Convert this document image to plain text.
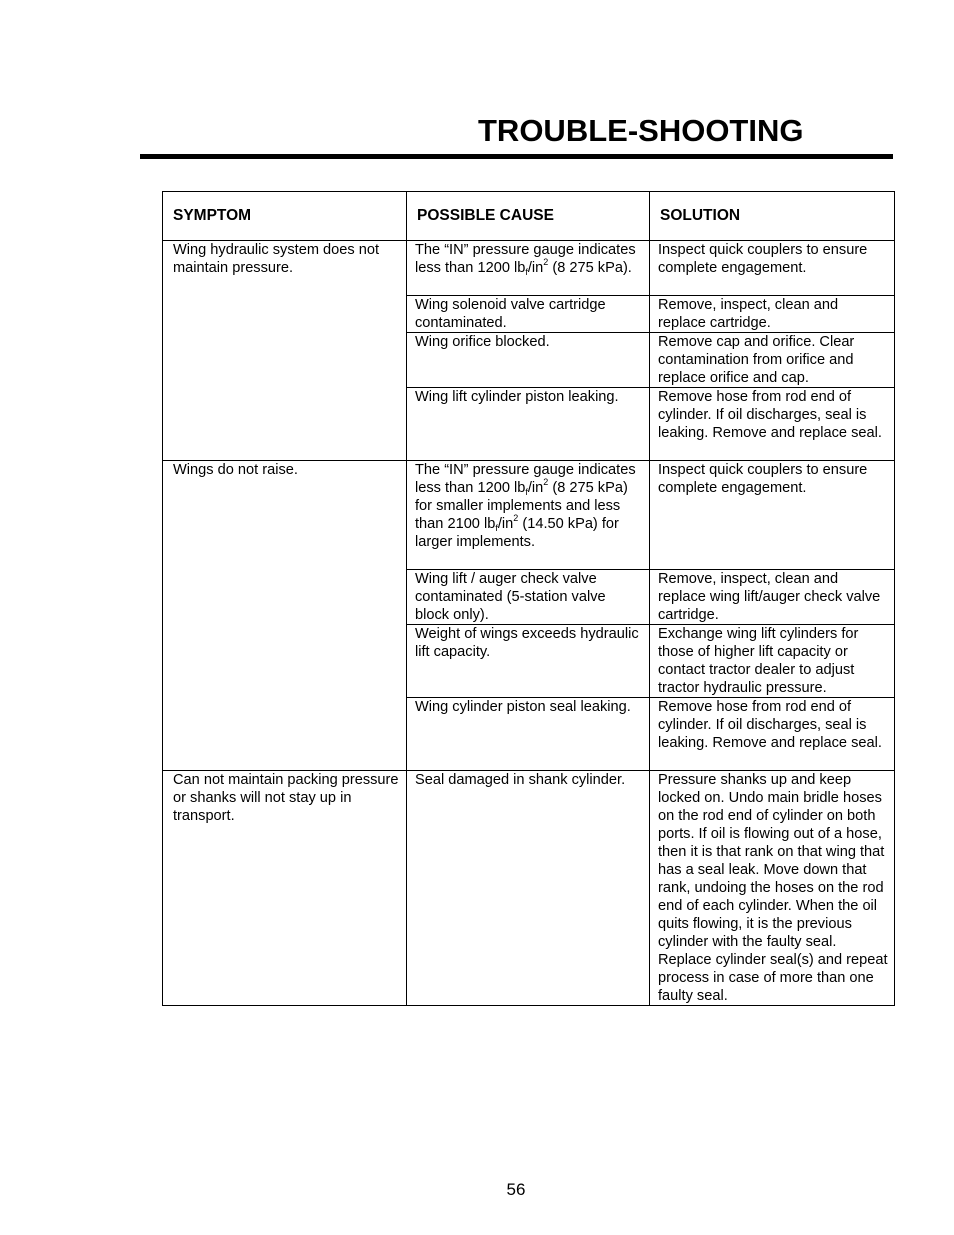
TROUBLE-SHOOTING
SYMPTOM	POSSIBLE CAUSE	SOLUTION
Wing hydraulic system does not maintain pressure.	The “IN” pressure gauge indicates less than 1200 $lb_f/in^2$ (8 275 kPa).	Inspect quick couplers to ensure complete engagement.
	Wing solenoid valve cartridge contaminated.	Remove, inspect, clean and replace cartridge.
	Wing orifice blocked.	Remove cap and orifice. Clear contamination from orifice and replace orifice and cap.
	Wing lift cylinder piston leaking.	Remove hose from rod end of cylinder. If oil discharges, seal is leaking. Remove and replace seal.
Wings do not raise.	The “IN” pressure gauge indicates less than 1200 $lb_f/in^2$ (8 275 kPa) for smaller implements and less than 2100 $lb_f/in^2$ (14.50 kPa) for larger implements.	Inspect quick couplers to ensure complete engagement.
	Wing lift / auger check valve contaminated (5-station valve block only).	Remove, inspect, clean and replace wing lift/auger check valve cartridge.
	Weight of wings exceeds hydraulic lift capacity.	Exchange wing lift cylinders for those of higher lift capacity or contact tractor dealer to adjust tractor hydraulic pressure.
	Wing cylinder piston seal leaking.	Remove hose from rod end of cylinder. If oil discharges, seal is leaking. Remove and replace seal.
Can not maintain packing pressure or shanks will not stay up in transport.	Seal damaged in shank cylinder.	Pressure shanks up and keep locked on. Undo main bridle hoses on the rod end of cylinder on both ports. If oil is flowing out of a hose, then it is that rank on that wing that has a seal leak. Move down that rank, undoing the hoses on the rod end of each cylinder. When the oil quits flowing, it is the previous cylinder with the faulty seal. Replace cylinder seal(s) and repeat process in case of more than one faulty seal.
56
